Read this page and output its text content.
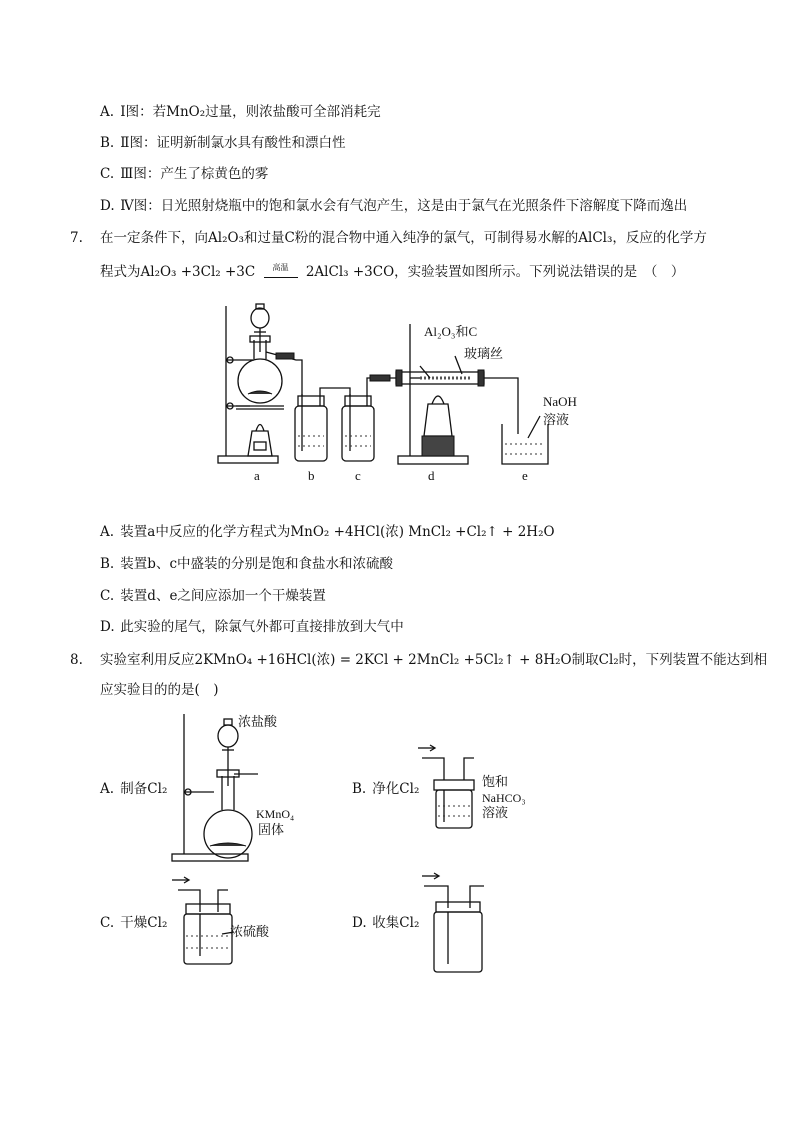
A. Ⅰ图：若MnO₂过量，则浓盐酸可全部消耗完
B. Ⅱ图：证明新制氯水具有酸性和漂白性
C. Ⅲ图：产生了棕黄色的雾
D. Ⅳ图：日光照射烧瓶中的饱和氯水会有气泡产生，这是由于氯气在光照条件下溶解度下降而逸出
7. 在一定条件下，向Al₂O₃和过量C粉的混合物中通入纯净的氯气，可制得易水解的AlCl₃，反应的化学方
程式为Al₂O₃ +3Cl₂ +3C	高温	2AlCl₃ +3CO，实验装置如图所示。下列说法错误的是　（　）
Al₂O₃和C
玻璃丝
NaOH
溶液
a	b	c	d	e
A. 装置a中反应的化学方程式为MnO₂ +4HCl(浓) MnCl₂ +Cl₂↑ + 2H₂O
B. 装置b、c中盛装的分别是饱和食盐水和浓硫酸
C. 装置d、e之间应添加一个干燥装置
D. 此实验的尾气，除氯气外都可直接排放到大气中
8. 实验室利用反应2KMnO₄ +16HCl(浓) = 2KCl + 2MnCl₂ +5Cl₂↑ + 8H₂O制取Cl₂时，下列装置不能达到相
应实验目的的是(　)
A. 制备Cl₂
浓盐酸
KMnO₄
固体
B. 净化Cl₂	饱和
NaHCO₃
溶液
C. 干燥Cl₂
浓硫酸
D. 收集Cl₂
